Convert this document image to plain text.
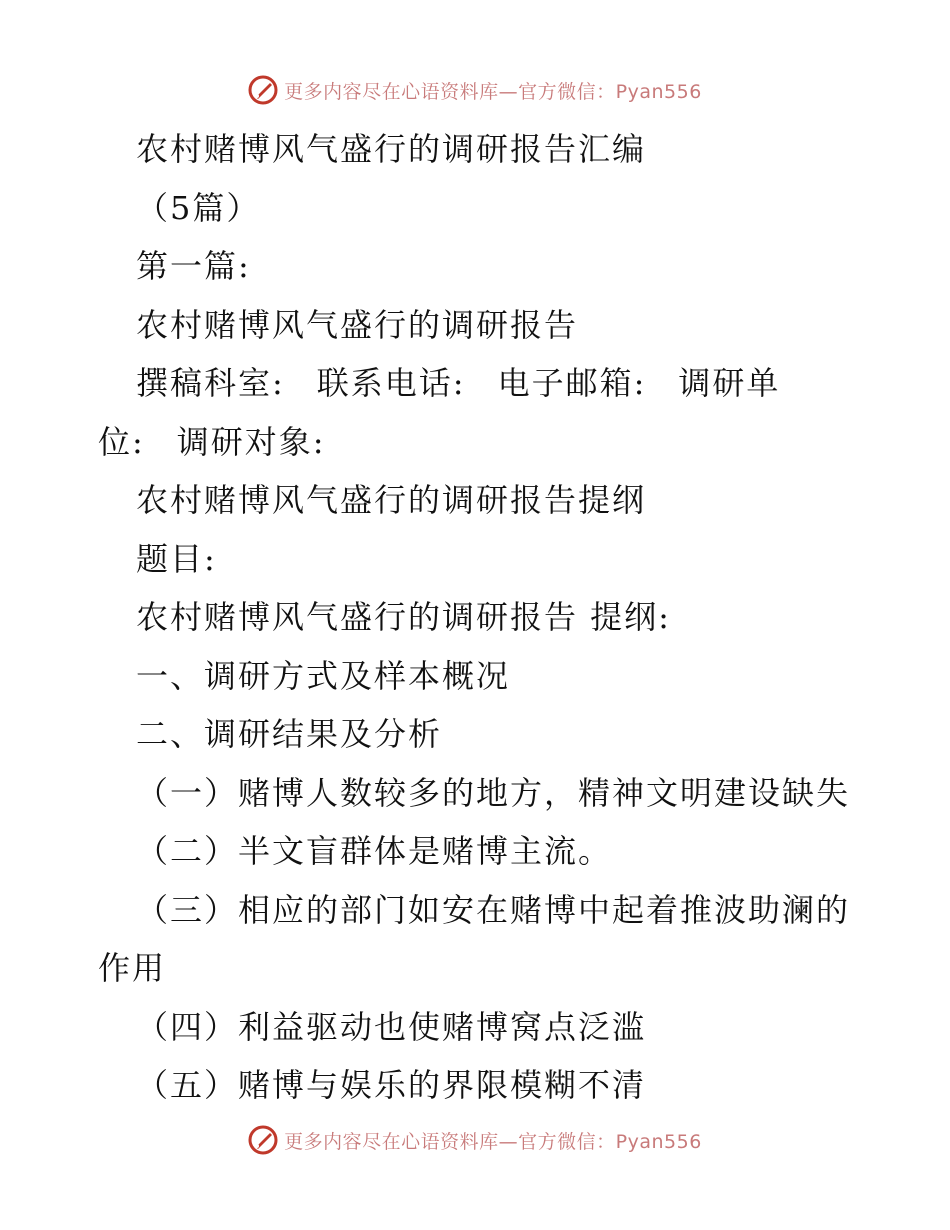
更多内容尽在心语资料库—官方微信：Pyan556
农村赌博风气盛行的调研报告汇编
（5篇）
第一篇:
农村赌博风气盛行的调研报告
撰稿科室: 联系电话: 电子邮箱: 调研单
位: 调研对象:
农村赌博风气盛行的调研报告提纲
题目:
农村赌博风气盛行的调研报告 提纲:
一、调研方式及样本概况
二、调研结果及分析
（一）赌博人数较多的地方，精神文明建设缺失
（二）半文盲群体是赌博主流。
（三）相应的部门如安在赌博中起着推波助澜的
作用
（四）利益驱动也使赌博窝点泛滥
（五）赌博与娱乐的界限模糊不清
更多内容尽在心语资料库—官方微信：Pyan556
